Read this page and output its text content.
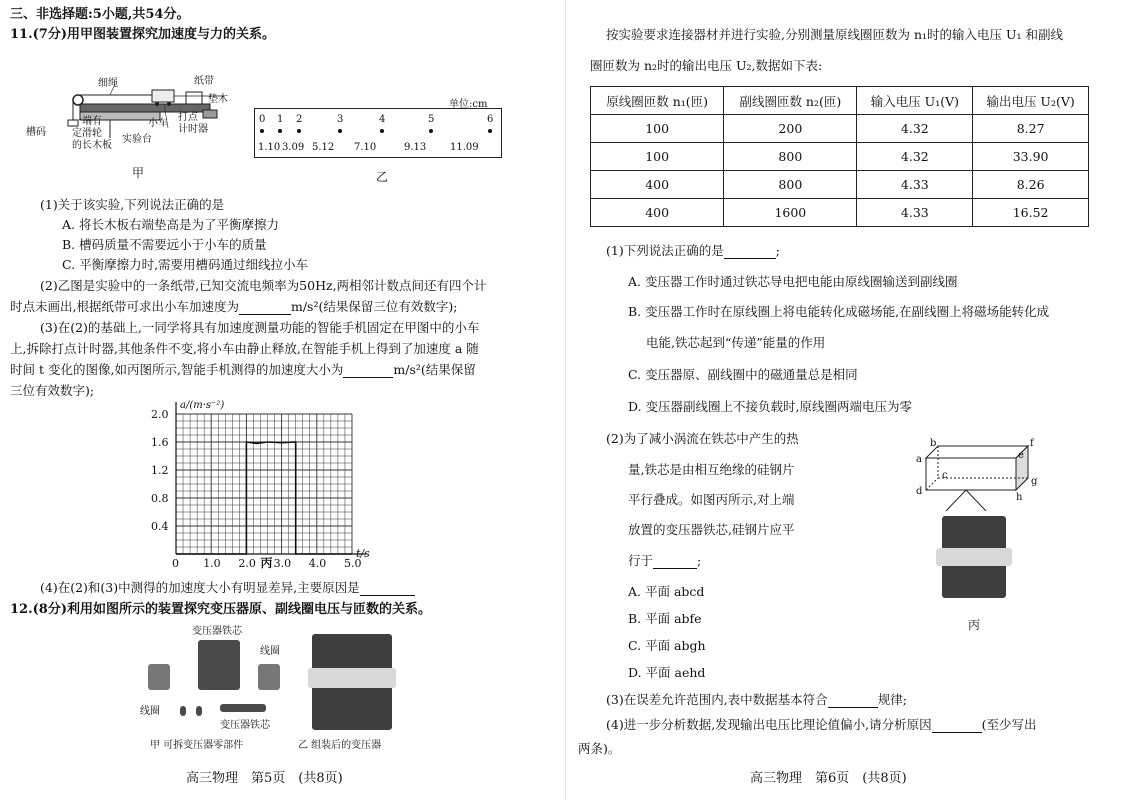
三、非选择题:5小题,共54分。
11.(7分)用甲图装置探究加速度与力的关系。
细绳	纸带
垫木
槽码
一端有
定滑轮
的长木板
实验台
小车
打点
计时器
甲
单位:cm
0 1 2	3	4	5	6
1.10 3.09 5.12 7.10	9.13 11.09
乙
(1)关于该实验,下列说法正确的是
A. 将长木板右端垫高是为了平衡摩擦力
B. 槽码质量不需要远小于小车的质量
C. 平衡摩擦力时,需要用槽码通过细线拉小车
(2)乙图是实验中的一条纸带,已知交流电频率为50Hz,两相邻计数点间还有四个计
时点未画出,根据纸带可求出小车加速度为	m/s²(结果保留三位有效数字);
(3)在(2)的基础上,一同学将具有加速度测量功能的智能手机固定在甲图中的小车
上,拆除打点计时器,其他条件不变,将小车由静止释放,在智能手机上得到了加速度 a 随
时间 t 变化的图像,如丙图所示,智能手机测得的加速度大小为	m/s²(结果保留
三位有效数字);
0 1.0 2.0 3.0 4.0 5.0
0.4
0.8
1.2
1.6
2.0
t/s
a/(m·s⁻²)
丙
(4)在(2)和(3)中测得的加速度大小有明显差异,主要原因是
12.(8分)利用如图所示的装置探究变压器原、副线圈电压与匝数的关系。
变压器铁芯
线圈
线圈
变压器铁芯
甲 可拆变压器零部件	乙 组装后的变压器
高三物理　第5页　(共8页)
按实验要求连接器材并进行实验,分别测量原线圈匝数为 n₁时的输入电压 U₁ 和副线
圈匝数为 n₂时的输出电压 U₂,数据如下表:
原线圈匝数 n₁(匝)	副线圈匝数 n₂(匝)	输入电压 U₁(V)	输出电压 U₂(V)
100	200	4.32	8.27
100	800	4.32	33.90
400	800	4.33	8.26
400	1600	4.33	16.52
(1)下列说法正确的是	;
A. 变压器工作时通过铁芯导电把电能由原线圈输送到副线圈
B. 变压器工作时在原线圈上将电能转化成磁场能,在副线圈上将磁场能转化成
电能,铁芯起到“传递”能量的作用
C. 变压器原、副线圈中的磁通量总是相同
D. 变压器副线圈上不接负载时,原线圈两端电压为零
(2)为了减小涡流在铁芯中产生的热
量,铁芯是由相互绝缘的硅钢片
平行叠成。如图丙所示,对上端
放置的变压器铁芯,硅钢片应平
行于	;
A. 平面 abcd
B. 平面 abfe
C. 平面 abgh
D. 平面 aehd
a
b
c
d
e
f
g
h
丙
(3)在误差允许范围内,表中数据基本符合	规律;
(4)进一步分析数据,发现输出电压比理论值偏小,请分析原因	(至少写出
两条)。
高三物理　第6页　(共8页)
